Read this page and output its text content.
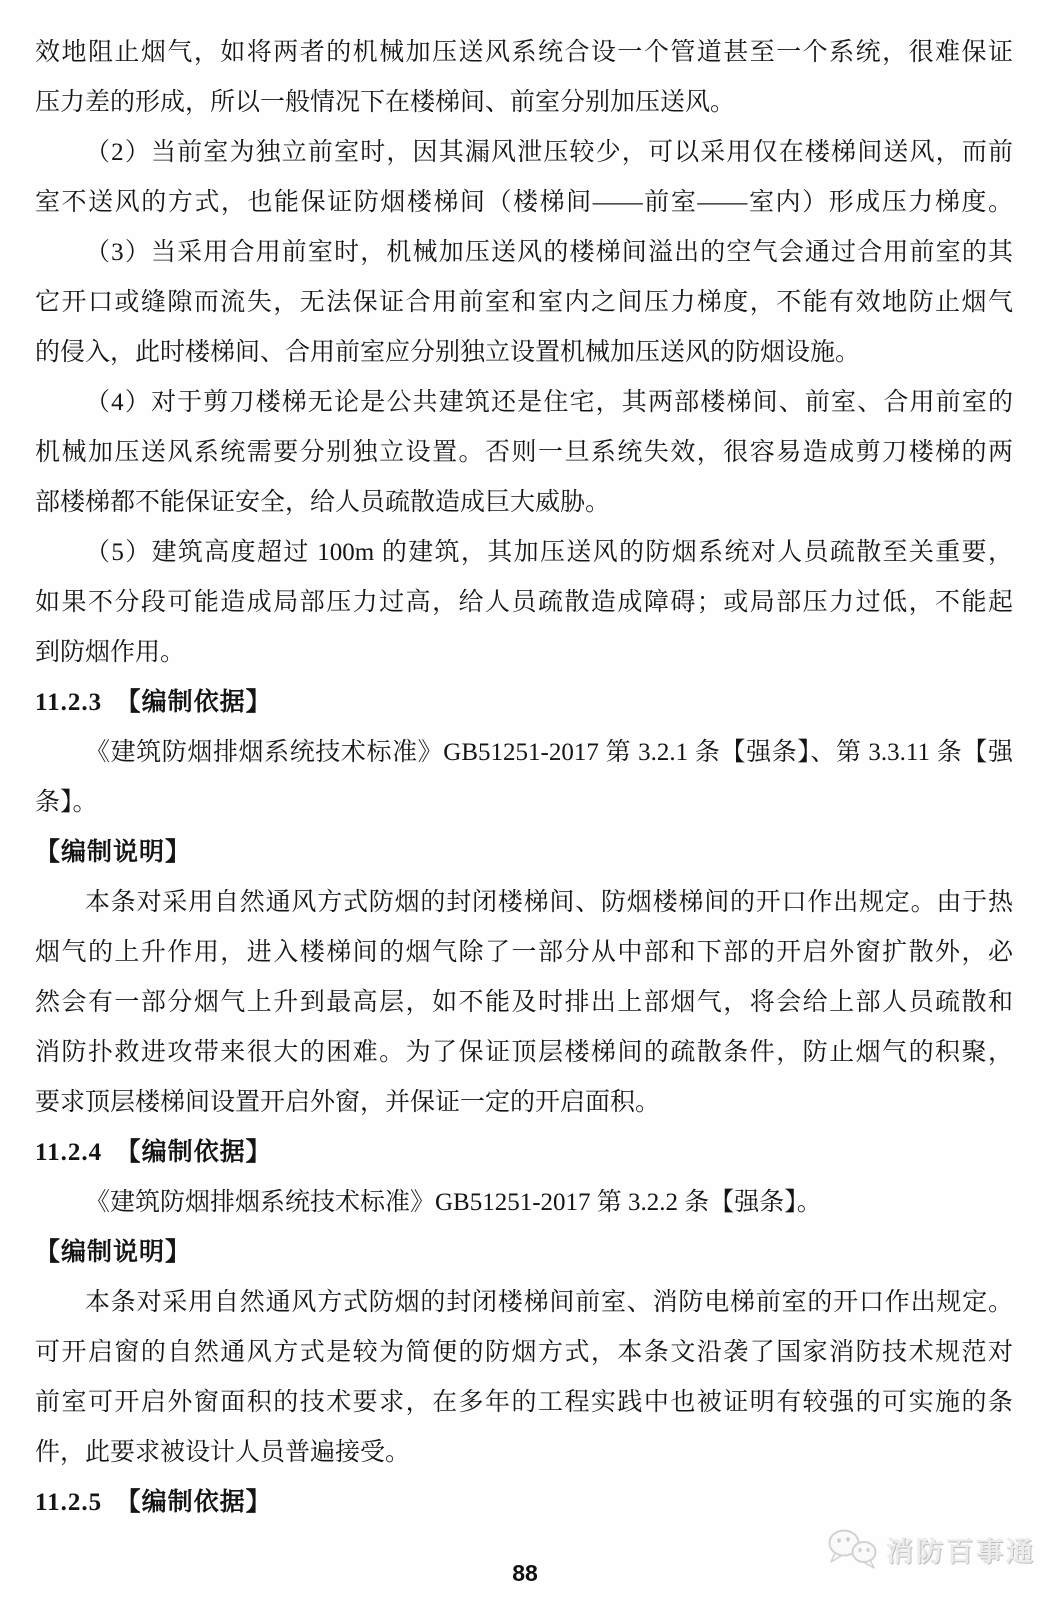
效地阻止烟气，如将两者的机械加压送风系统合设一个管道甚至一个系统，很难保证
压力差的形成，所以一般情况下在楼梯间、前室分别加压送风。
（2）当前室为独立前室时，因其漏风泄压较少，可以采用仅在楼梯间送风，而前
室不送风的方式，也能保证防烟楼梯间（楼梯间——前室——室内）形成压力梯度。
（3）当采用合用前室时，机械加压送风的楼梯间溢出的空气会通过合用前室的其
它开口或缝隙而流失，无法保证合用前室和室内之间压力梯度，不能有效地防止烟气
的侵入，此时楼梯间、合用前室应分别独立设置机械加压送风的防烟设施。
（4）对于剪刀楼梯无论是公共建筑还是住宅，其两部楼梯间、前室、合用前室的
机械加压送风系统需要分别独立设置。否则一旦系统失效，很容易造成剪刀楼梯的两
部楼梯都不能保证安全，给人员疏散造成巨大威胁。
（5）建筑高度超过 100m 的建筑，其加压送风的防烟系统对人员疏散至关重要，
如果不分段可能造成局部压力过高，给人员疏散造成障碍；或局部压力过低，不能起
到防烟作用。
11.2.3　【编制依据】
《建筑防烟排烟系统技术标准》GB51251-2017 第 3.2.1 条【强条】、第 3.3.11 条【强
条】。
【编制说明】
本条对采用自然通风方式防烟的封闭楼梯间、防烟楼梯间的开口作出规定。由于热
烟气的上升作用，进入楼梯间的烟气除了一部分从中部和下部的开启外窗扩散外，必
然会有一部分烟气上升到最高层，如不能及时排出上部烟气，将会给上部人员疏散和
消防扑救进攻带来很大的困难。为了保证顶层楼梯间的疏散条件，防止烟气的积聚，
要求顶层楼梯间设置开启外窗，并保证一定的开启面积。
11.2.4　【编制依据】
《建筑防烟排烟系统技术标准》GB51251-2017 第 3.2.2 条【强条】。
【编制说明】
本条对采用自然通风方式防烟的封闭楼梯间前室、消防电梯前室的开口作出规定。
可开启窗的自然通风方式是较为简便的防烟方式，本条文沿袭了国家消防技术规范对
前室可开启外窗面积的技术要求，在多年的工程实践中也被证明有较强的可实施的条
件，此要求被设计人员普遍接受。
11.2.5　【编制依据】
消防百事通
88
